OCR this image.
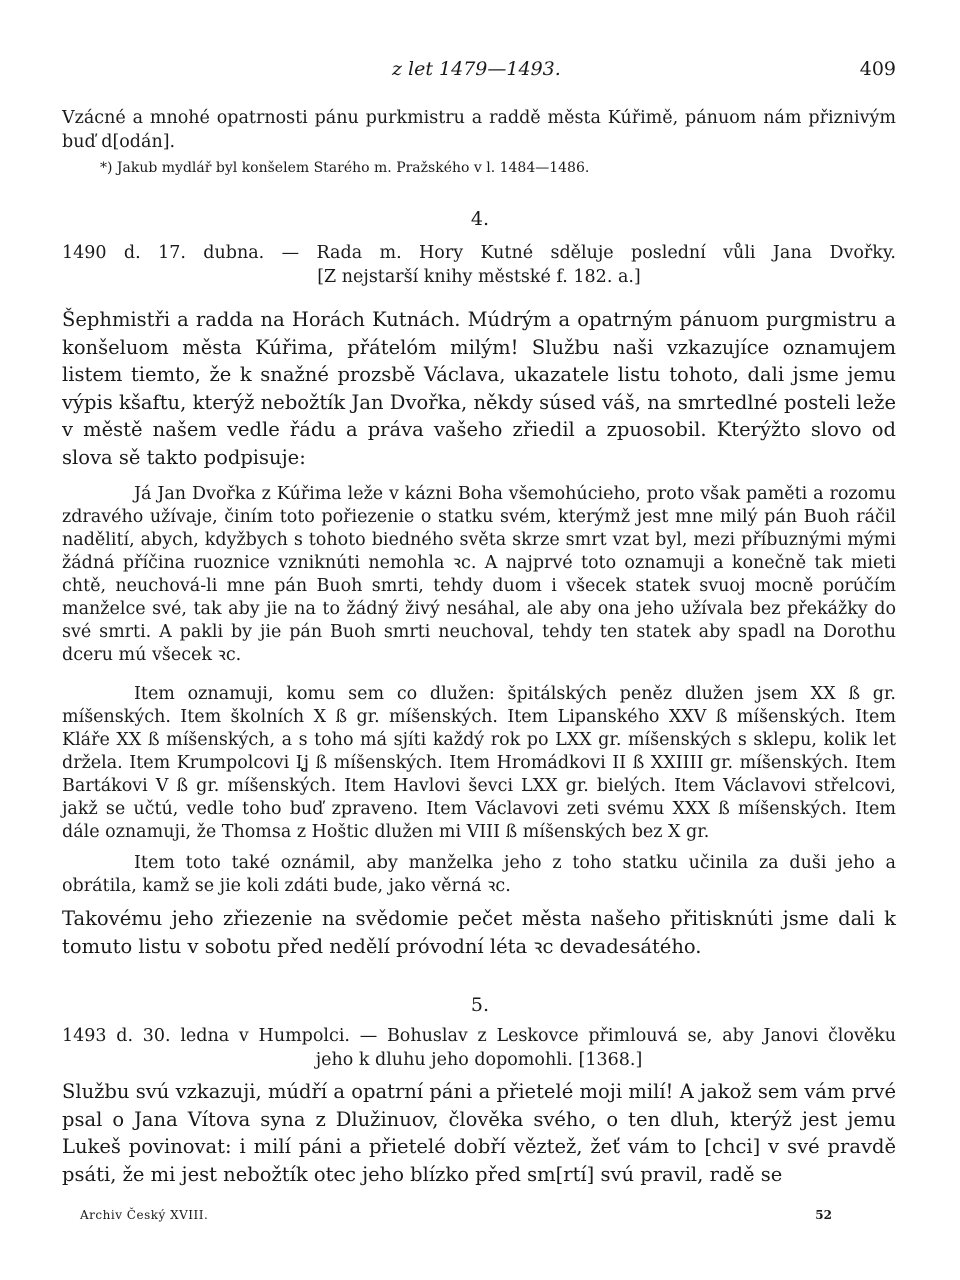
z let 1479—1493.	409

Vzácné a mnohé opatrnosti pánu purkmistru a raddě města Kúřimě, pánuom nám přiznivým buď d[odán].

*) Jakub mydlář byl konšelem Starého m. Pražského v l. 1484—1486.

4.

1490 d. 17. dubna. — Rada m. Hory Kutné sděluje poslední vůli Jana Dvořky.
[Z nejstarší knihy městské f. 182. a.]

Šephmistři a radda na Horách Kutnách. Múdrým a opatrným pánuom purgmistru a konšeluom města Kúřima, přátelóm milým! Službu naši vzkazujíce oznamujem listem tiemto, že k snažné prozsbě Václava, ukazatele listu tohoto, dali jsme jemu výpis kšaftu, kterýž nebožtík Jan Dvořka, někdy súsed váš, na smrtedlné posteli leže v městě našem vedle řádu a práva vašeho zřiedil a zpuosobil. Kterýžto slovo od slova sě takto podpisuje:

Já Jan Dvořka z Kúřima leže v kázni Boha všemohúcieho, proto však paměti a rozomu zdravého užívaje, činím toto pořiezenie o statku svém, kterýmž jest mne milý pán Buoh ráčil nadělití, abych, kdyžbych s tohoto biedného světa skrze smrt vzat byl, mezi příbuznými mými žádná příčina ruoznice vzniknúti nemohla ꝛc. A najprvé toto oznamuji a konečně tak mieti chtě, neuchová-li mne pán Buoh smrti, tehdy duom i všecek statek svuoj mocně porúčím manželce své, tak aby jie na to žádný živý nesáhal, ale aby ona jeho užívala bez překážky do své smrti. A pakli by jie pán Buoh smrti neuchoval, tehdy ten statek aby spadl na Dorothu dceru mú všecek ꝛc.

Item oznamuji, komu sem co dlužen: špitálských peněz dlužen jsem XX ß gr. míšenských. Item školních X ß gr. míšenských. Item Lipanského XXV ß míšenských. Item Kláře XX ß míšenských, a s toho má sjíti každý rok po LXX gr. míšenských s sklepu, kolik let držela. Item Krumpolcovi Iʝ ß míšenských. Item Hromádkovi II ß XXIIII gr. míšenských. Item Bartákovi V ß gr. míšenských. Item Havlovi ševci LXX gr. bielých. Item Václavovi střelcovi, jakž se učtú, vedle toho buď zpraveno. Item Václavovi zeti svému XXX ß míšenských. Item dále oznamuji, že Thomsa z Hoštic dlužen mi VIII ß míšenských bez X gr.

Item toto také oznámil, aby manželka jeho z toho statku učinila za duši jeho a obrátila, kamž se jie koli zdáti bude, jako věrná ꝛc.

Takovému jeho zřiezenie na svědomie pečet města našeho přitisknúti jsme dali k tomuto listu v sobotu před nedělí próvodní léta ꝛc devadesátého.

5.

1493 d. 30. ledna v Humpolci. — Bohuslav z Leskovce přimlouvá se, aby Janovi člověku
jeho k dluhu jeho dopomohli. [1368.]

Službu svú vzkazuji, múdří a opatrní páni a přietelé moji milí! A jakož sem vám prvé psal o Jana Vítova syna z Dlužinuov, člověka svého, o ten dluh, kterýž jest jemu Lukeš povinovat: i milí páni a přietelé dobří věztež, žeť vám to [chci] v své pravdě psáti, že mi jest nebožtík otec jeho blízko před sm[rtí] svú pravil, radě se

Archiv Český XVIII.	52
